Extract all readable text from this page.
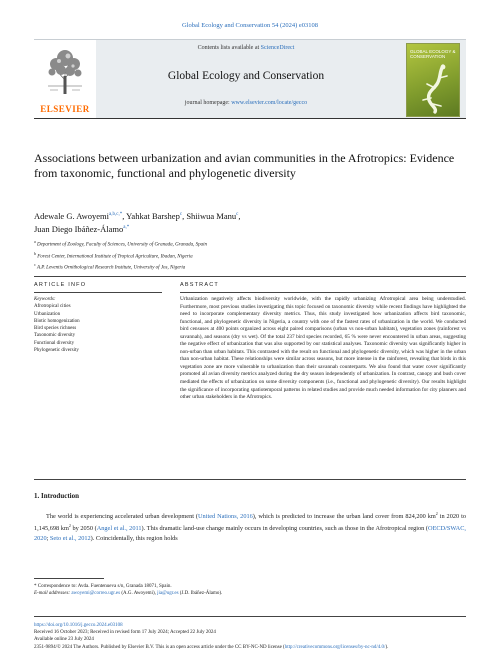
Global Ecology and Conservation 54 (2024) e03108
ELSEVIER
Contents lists available at ScienceDirect
Global Ecology and Conservation
journal homepage: www.elsevier.com/locate/gecco
GLOBAL ECOLOGY & CONSERVATION
Associations between urbanization and avian communities in the Afrotropics: Evidence from taxonomic, functional and phylogenetic diversity
Adewale G. Awoyemi$^{a,b,c,*}$, Yahkat Barshep$^c$, Shiiwua Manu$^c$,
Juan Diego Ibáñez-Álamo$^{a,*}$
$^a$ Department of Zoology, Faculty of Sciences, University of Granada, Granada, Spain
$^b$ Forest Center, International Institute of Tropical Agriculture, Ibadan, Nigeria
$^c$ A.P. Leventis Ornithological Research Institute, University of Jos, Nigeria
ARTICLE INFO	ABSTRACT
Keywords:
Afrotropical cities
Urbanization
Biotic homogenization
Bird species richness
Taxonomic diversity
Functional diversity
Phylogenetic diversity
Urbanization negatively affects biodiversity worldwide, with the rapidly urbanizing Afrotropical area being understudied. Furthermore, most previous studies investigating this topic focused on taxonomic diversity while recent findings have highlighted the need to incorporate complementary diversity metrics. Thus, this study investigated how urbanization affects bird taxonomic, functional, and phylogenetic diversity in Nigeria, a country with one of the fastest rates of urbanization in the world. We conducted bird censuses at 400 points organized across eight paired comparisons (urban vs non-urban habitats), vegetation zones (rainforest vs savannah), and seasons (dry vs wet). Of the total 237 bird species recorded, 65 % were never encountered in urban areas, suggesting the negative effect of urbanization that was also supported by our statistical analyses. Taxonomic diversity was significantly higher in non-urban than urban habitats. This contrasted with the result on functional and phylogenetic diversity, which was higher in the urban than non-urban habitat. These relationships were similar across seasons, but more intense in the rainforest, revealing that birds in this vegetation zone are more vulnerable to urbanization than their savannah counterparts. We also found that water cover significantly promoted all avian diversity metrics analyzed during the dry season independently of urbanization. In contrast, canopy and bush cover mediated the effects of urbanization on some diversity components (i.e., functional and phylogenetic diversity). Our results highlight the significance of incorporating spatiotemporal patterns in related studies and provide much needed information for city planners and other urban stakeholders in the Afrotropics.
1. Introduction
The world is experiencing accelerated urban development (United Nations, 2016), which is predicted to increase the urban land cover from 824,200 $km^2$ in 2020 to 1,145,698 $km^2$ by 2050 (Angel et al., 2011). This dramatic land-use change mainly occurs in developing countries, such as those in the Afrotropical region (OECD/SWAC, 2020; Seto et al., 2012). Coincidentally, this region holds
* Correspondence to: Avda. Fuentenueva s/n, Granada 18071, Spain.
E-mail addresses: awoyemi@correo.ugr.es (A.G. Awoyemi), jia@ugr.es (J.D. Ibáñez-Álamo).
https://doi.org/10.1016/j.gecco.2024.e03108
Received 16 October 2023; Received in revised form 17 July 2024; Accepted 22 July 2024
Available online 23 July 2024
2351-9894/© 2024 The Authors. Published by Elsevier B.V. This is an open access article under the CC BY-NC-ND license (http://creativecommons.org/licenses/by-nc-nd/4.0/).
